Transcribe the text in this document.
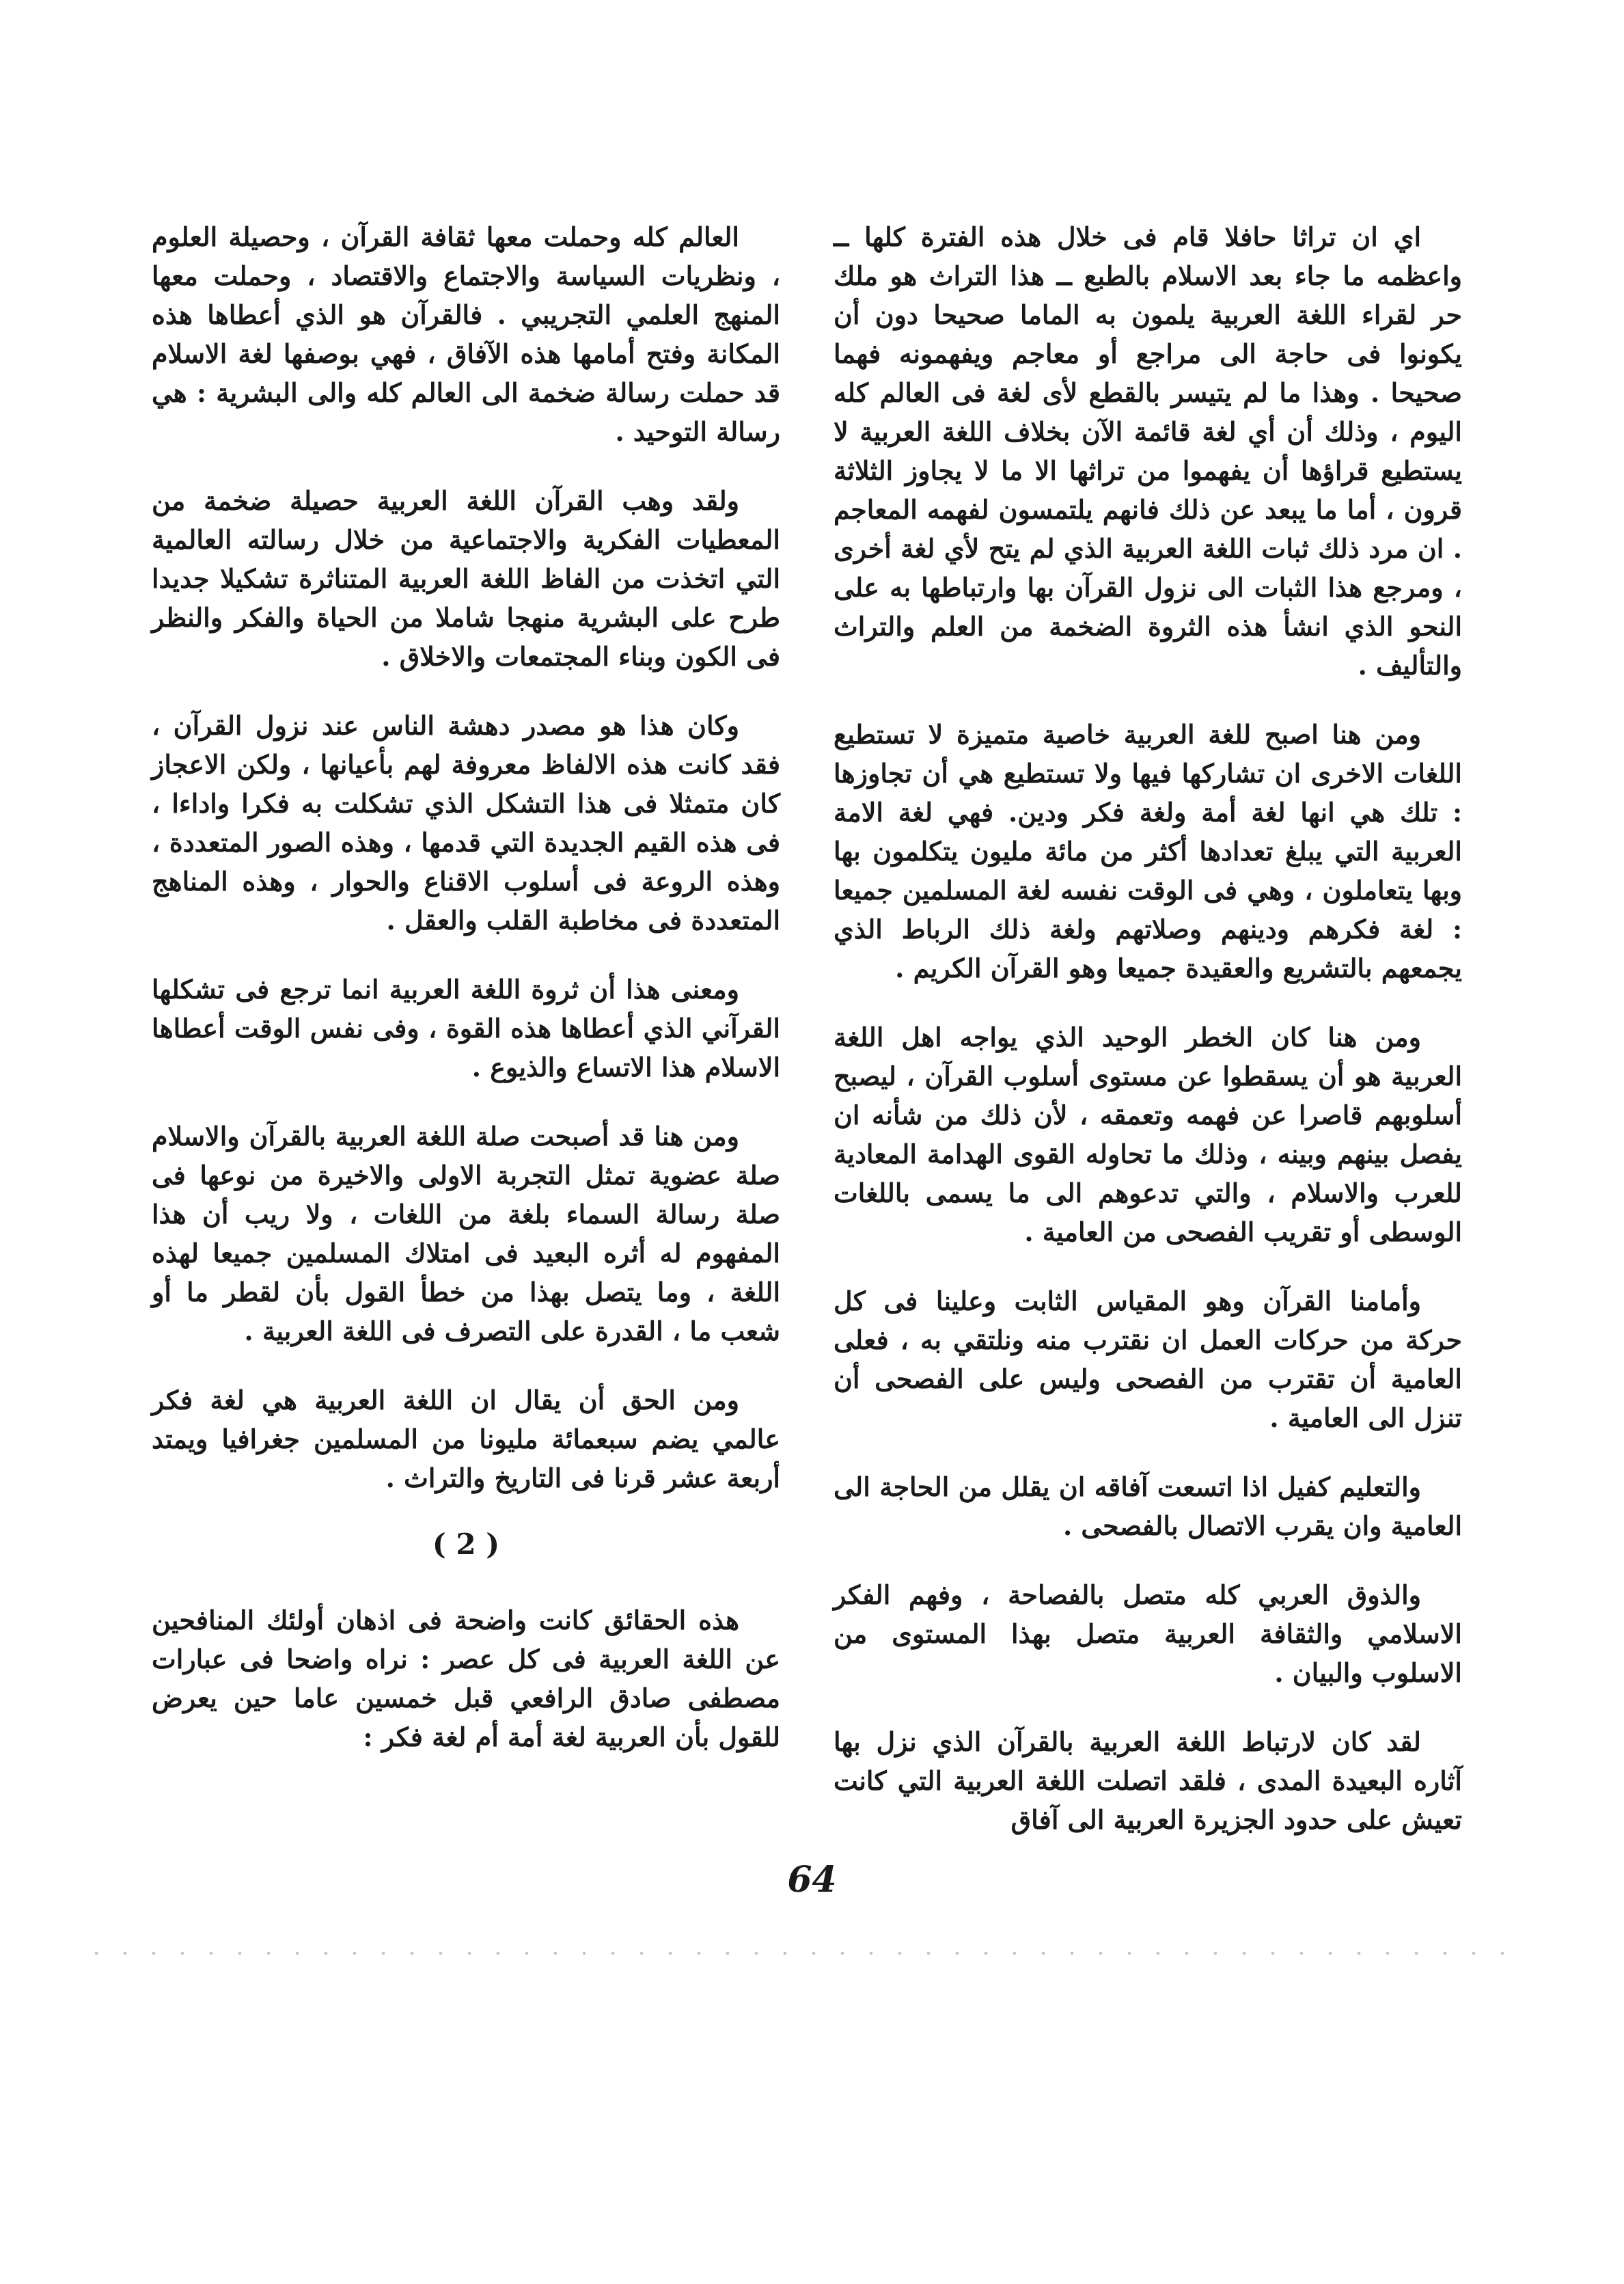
اي ان تراثا حافلا قام فى خلال هذه الفترة كلها ــ واعظمه ما جاء بعد الاسلام بالطبع ــ هذا التراث هو ملك حر لقراء اللغة العربية يلمون به الماما صحيحا دون أن يكونوا فى حاجة الى مراجع أو معاجم ويفهمونه فهما صحيحا . وهذا ما لم يتيسر بالقطع لأى لغة فى العالم كله اليوم ، وذلك أن أي لغة قائمة الآن بخلاف اللغة العربية لا يستطيع قراؤها أن يفهموا من تراثها الا ما لا يجاوز الثلاثة قرون ، أما ما يبعد عن ذلك فانهم يلتمسون لفهمه المعاجم . ان مرد ذلك ثبات اللغة العربية الذي لم يتح لأي لغة أخرى ، ومرجع هذا الثبات الى نزول القرآن بها وارتباطها به على النحو الذي انشأ هذه الثروة الضخمة من العلم والتراث والتأليف .

ومن هنا اصبح للغة العربية خاصية متميزة لا تستطيع اللغات الاخرى ان تشاركها فيها ولا تستطيع هي أن تجاوزها : تلك هي انها لغة أمة ولغة فكر ودين. فهي لغة الامة العربية التي يبلغ تعدادها أكثر من مائة مليون يتكلمون بها وبها يتعاملون ، وهي فى الوقت نفسه لغة المسلمين جميعا : لغة فكرهم ودينهم وصلاتهم ولغة ذلك الرباط الذي يجمعهم بالتشريع والعقيدة جميعا وهو القرآن الكريم .

ومن هنا كان الخطر الوحيد الذي يواجه اهل اللغة العربية هو أن يسقطوا عن مستوى أسلوب القرآن ، ليصبح أسلوبهم قاصرا عن فهمه وتعمقه ، لأن ذلك من شأنه ان يفصل بينهم وبينه ، وذلك ما تحاوله القوى الهدامة المعادية للعرب والاسلام ، والتي تدعوهم الى ما يسمى باللغات الوسطى أو تقريب الفصحى من العامية .

وأمامنا القرآن وهو المقياس الثابت وعلينا فى كل حركة من حركات العمل ان نقترب منه ونلتقي به ، فعلى العامية أن تقترب من الفصحى وليس على الفصحى أن تنزل الى العامية .

والتعليم كفيل اذا اتسعت آفاقه ان يقلل من الحاجة الى العامية وان يقرب الاتصال بالفصحى .

والذوق العربي كله متصل بالفصاحة ، وفهم الفكر الاسلامي والثقافة العربية متصل بهذا المستوى من الاسلوب والبيان .

لقد كان لارتباط اللغة العربية بالقرآن الذي نزل بها آثاره البعيدة المدى ، فلقد اتصلت اللغة العربية التي كانت تعيش على حدود الجزيرة العربية الى آفاق

العالم كله وحملت معها ثقافة القرآن ، وحصيلة العلوم ، ونظريات السياسة والاجتماع والاقتصاد ، وحملت معها المنهج العلمي التجريبي . فالقرآن هو الذي أعطاها هذه المكانة وفتح أمامها هذه الآفاق ، فهي بوصفها لغة الاسلام قد حملت رسالة ضخمة الى العالم كله والى البشرية : هي رسالة التوحيد .

ولقد وهب القرآن اللغة العربية حصيلة ضخمة من المعطيات الفكرية والاجتماعية من خلال رسالته العالمية التي اتخذت من الفاظ اللغة العربية المتناثرة تشكيلا جديدا طرح على البشرية منهجا شاملا من الحياة والفكر والنظر فى الكون وبناء المجتمعات والاخلاق .

وكان هذا هو مصدر دهشة الناس عند نزول القرآن ، فقد كانت هذه الالفاظ معروفة لهم بأعيانها ، ولكن الاعجاز كان متمثلا فى هذا التشكل الذي تشكلت به فكرا واداءا ، فى هذه القيم الجديدة التي قدمها ، وهذه الصور المتعددة ، وهذه الروعة فى أسلوب الاقناع والحوار ، وهذه المناهج المتعددة فى مخاطبة القلب والعقل .

ومعنى هذا أن ثروة اللغة العربية انما ترجع فى تشكلها القرآني الذي أعطاها هذه القوة ، وفى نفس الوقت أعطاها الاسلام هذا الاتساع والذيوع .

ومن هنا قد أصبحت صلة اللغة العربية بالقرآن والاسلام صلة عضوية تمثل التجربة الاولى والاخيرة من نوعها فى صلة رسالة السماء بلغة من اللغات ، ولا ريب أن هذا المفهوم له أثره البعيد فى امتلاك المسلمين جميعا لهذه اللغة ، وما يتصل بهذا من خطأ القول بأن لقطر ما أو شعب ما ، القدرة على التصرف فى اللغة العربية .

ومن الحق أن يقال ان اللغة العربية هي لغة فكر عالمي يضم سبعمائة مليونا من المسلمين جغرافيا ويمتد أربعة عشر قرنا فى التاريخ والتراث .

( 2 )

هذه الحقائق كانت واضحة فى اذهان أولئك المنافحين عن اللغة العربية فى كل عصر : نراه واضحا فى عبارات مصطفى صادق الرافعي قبل خمسين عاما حين يعرض للقول بأن العربية لغة أمة أم لغة فكر :

64
